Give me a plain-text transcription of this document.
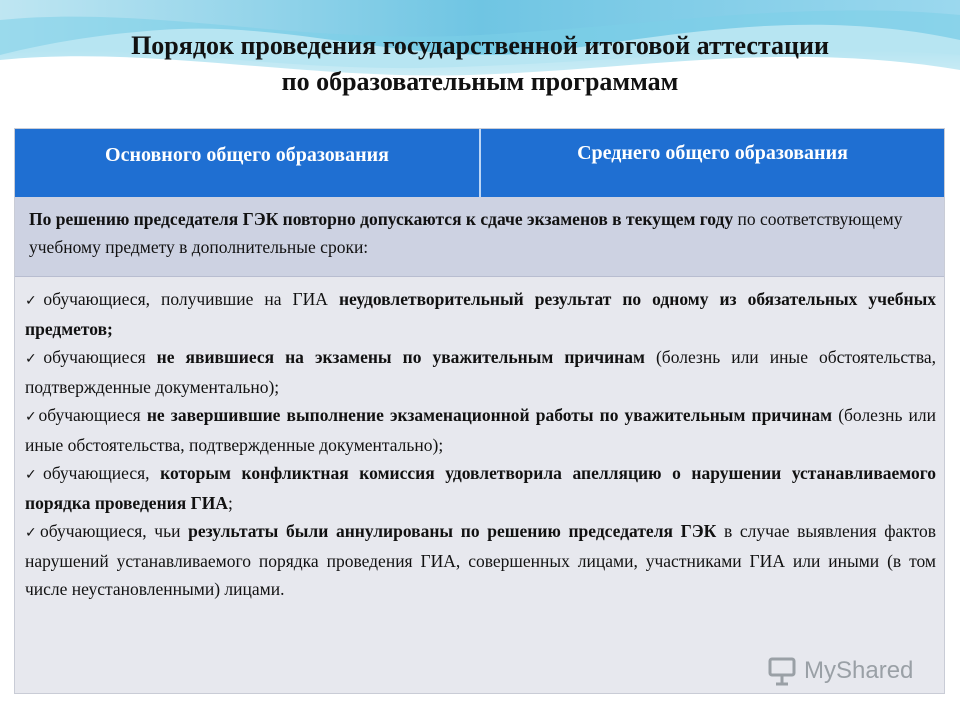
Порядок проведения государственной итоговой аттестации
по образовательным программам
Основного общего образования	Среднего общего образования
По решению председателя ГЭК повторно допускаются к сдаче экзаменов в текущем году по соответствующему учебному предмету в дополнительные сроки:
✓обучающиеся, получившие на ГИА неудовлетворительный результат по одному из обязательных учебных предметов;
✓обучающиеся не явившиеся на экзамены по уважительным причинам (болезнь или иные обстоятельства, подтвержденные документально);
✓обучающиеся не завершившие выполнение экзаменационной работы по уважительным причинам (болезнь или иные обстоятельства, подтвержденные документально);
✓обучающиеся, которым конфликтная комиссия удовлетворила апелляцию о нарушении устанавливаемого порядка проведения ГИА;
✓обучающиеся, чьи результаты были аннулированы по решению председателя ГЭК в случае выявления фактов нарушений устанавливаемого порядка проведения ГИА, совершенных лицами, участниками ГИА или иными (в том числе неустановленными) лицами.
MyShared
